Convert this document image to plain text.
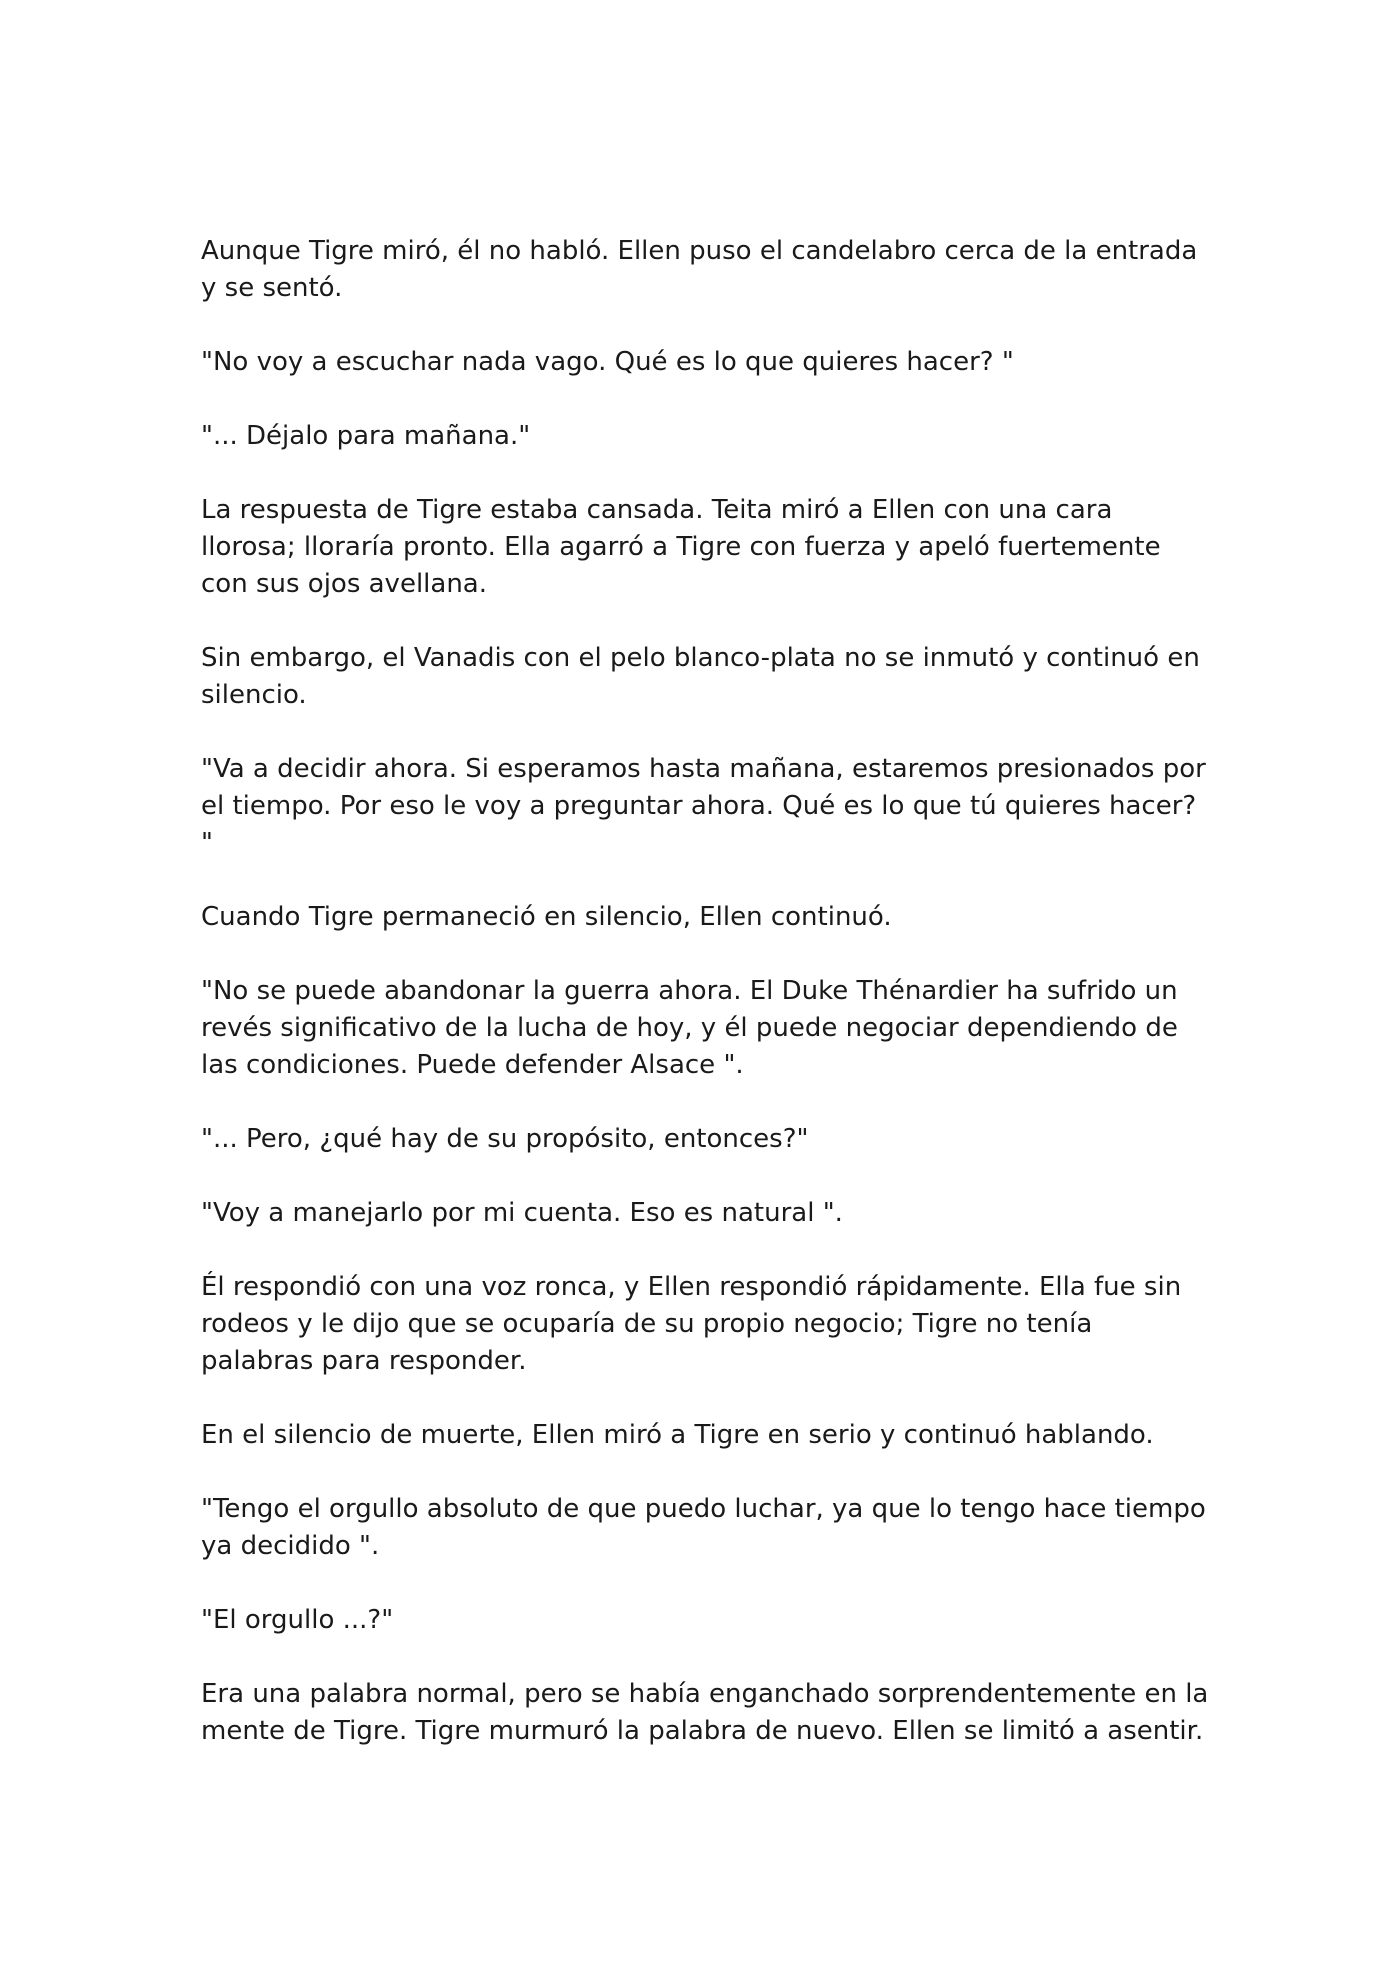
Aunque Tigre miró, él no habló. Ellen puso el candelabro cerca de la entrada y se sentó.

"No voy a escuchar nada vago. Qué es lo que quieres hacer? "

"... Déjalo para mañana."

La respuesta de Tigre estaba cansada. Teita miró a Ellen con una cara llorosa; lloraría pronto. Ella agarró a Tigre con fuerza y apeló fuertemente con sus ojos avellana.

Sin embargo, el Vanadis con el pelo blanco-plata no se inmutó y continuó en silencio.

"Va a decidir ahora. Si esperamos hasta mañana, estaremos presionados por el tiempo. Por eso le voy a preguntar ahora. Qué es lo que tú quieres hacer? "

Cuando Tigre permaneció en silencio, Ellen continuó.

"No se puede abandonar la guerra ahora. El Duke Thénardier ha sufrido un revés significativo de la lucha de hoy, y él puede negociar dependiendo de las condiciones. Puede defender Alsace ".

"... Pero, ¿qué hay de su propósito, entonces?"

"Voy a manejarlo por mi cuenta. Eso es natural ".

Él respondió con una voz ronca, y Ellen respondió rápidamente. Ella fue sin rodeos y le dijo que se ocuparía de su propio negocio; Tigre no tenía palabras para responder.

En el silencio de muerte, Ellen miró a Tigre en serio y continuó hablando.

"Tengo el orgullo absoluto de que puedo luchar, ya que lo tengo hace tiempo ya decidido ".

"El orgullo ...?"

Era una palabra normal, pero se había enganchado sorprendentemente en la mente de Tigre. Tigre murmuró la palabra de nuevo. Ellen se limitó a asentir.
